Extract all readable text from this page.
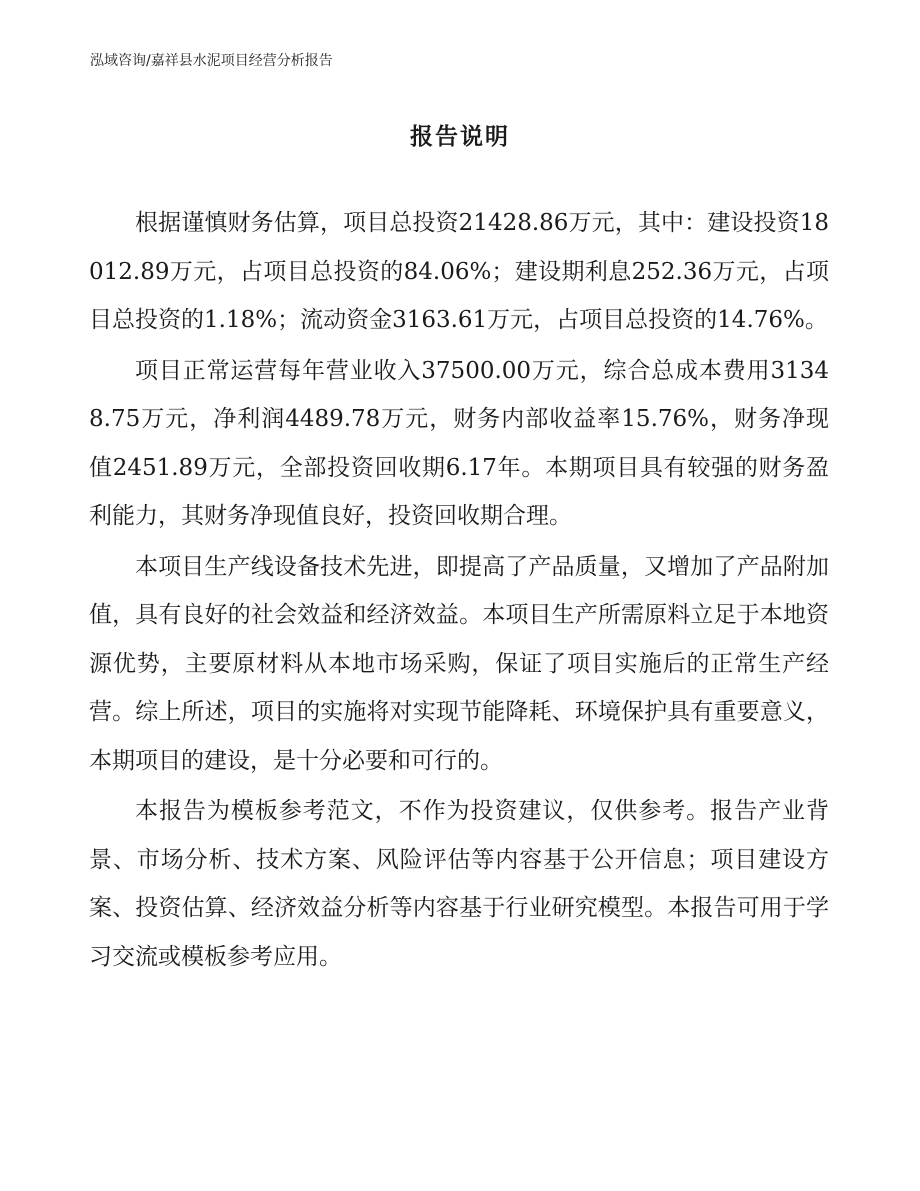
泓域咨询/嘉祥县水泥项目经营分析报告
报告说明

根据谨慎财务估算，项目总投资21428.86万元，其中：建设投资18012.89万元，占项目总投资的84.06%；建设期利息252.36万元，占项目总投资的1.18%；流动资金3163.61万元，占项目总投资的14.76%。

项目正常运营每年营业收入37500.00万元，综合总成本费用31348.75万元，净利润4489.78万元，财务内部收益率15.76%，财务净现值2451.89万元，全部投资回收期6.17年。本期项目具有较强的财务盈利能力，其财务净现值良好，投资回收期合理。

本项目生产线设备技术先进，即提高了产品质量，又增加了产品附加值，具有良好的社会效益和经济效益。本项目生产所需原料立足于本地资源优势，主要原材料从本地市场采购，保证了项目实施后的正常生产经营。综上所述，项目的实施将对实现节能降耗、环境保护具有重要意义，本期项目的建设，是十分必要和可行的。

本报告为模板参考范文，不作为投资建议，仅供参考。报告产业背景、市场分析、技术方案、风险评估等内容基于公开信息；项目建设方案、投资估算、经济效益分析等内容基于行业研究模型。本报告可用于学习交流或模板参考应用。
